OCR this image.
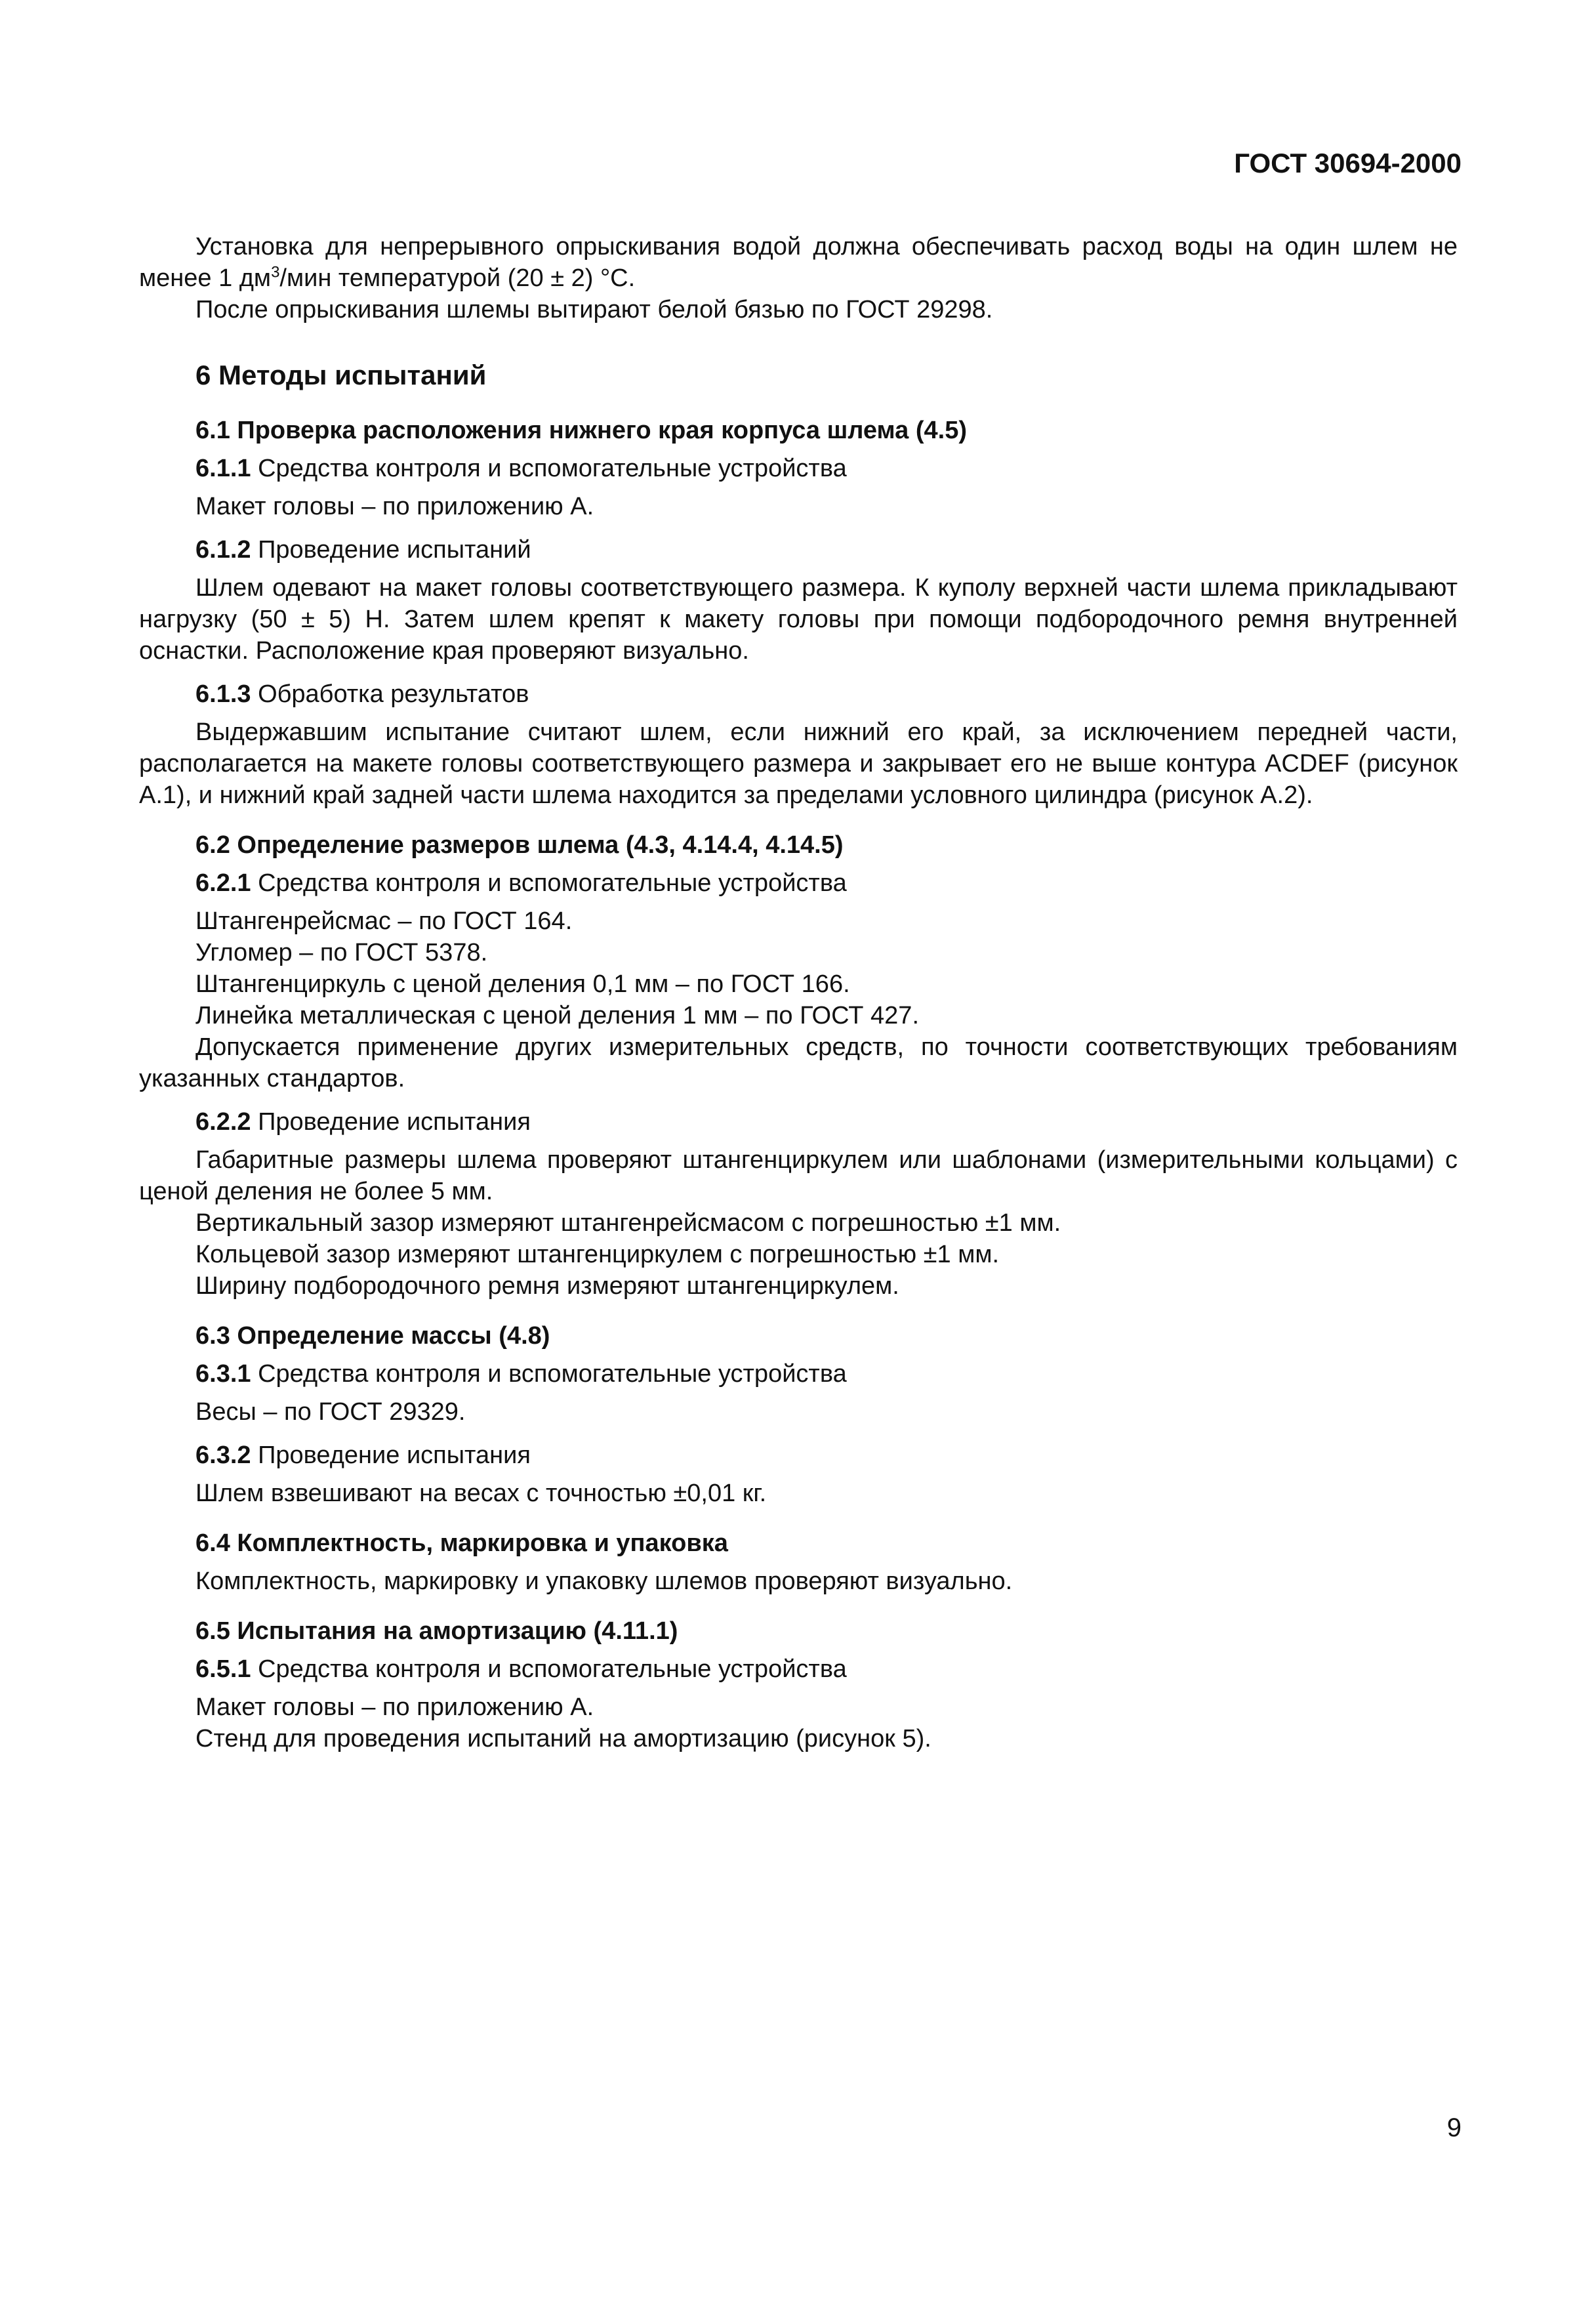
ГОСТ 30694-2000

Установка для непрерывного опрыскивания водой должна обеспечивать расход воды на один шлем не менее 1 $дм^3$/мин температурой (20 ± 2) °С.

После опрыскивания шлемы вытирают белой бязью по ГОСТ 29298.

6 Методы испытаний
6.1 Проверка расположения нижнего края корпуса шлема (4.5)

6.1.1 Средства контроля и вспомогательные устройства

Макет головы – по приложению А.

6.1.2 Проведение испытаний

Шлем одевают на макет головы соответствующего размера. К куполу верхней части шлема прикладывают нагрузку (50 ± 5) Н. Затем шлем крепят к макету головы при помощи подбородочного ремня внутренней оснастки. Расположение края проверяют визуально.

6.1.3 Обработка результатов

Выдержавшим испытание считают шлем, если нижний его край, за исключением передней части, располагается на макете головы соответствующего размера и закрывает его не выше контура ACDEF (рисунок А.1), и нижний край задней части шлема находится за пределами условного цилиндра (рисунок А.2).

6.2 Определение размеров шлема (4.3, 4.14.4, 4.14.5)

6.2.1 Средства контроля и вспомогательные устройства

Штангенрейсмас – по ГОСТ 164.

Угломер – по ГОСТ 5378.

Штангенциркуль с ценой деления 0,1 мм – по ГОСТ 166.

Линейка металлическая с ценой деления 1 мм – по ГОСТ 427.

Допускается применение других измерительных средств, по точности соответствующих требованиям указанных стандартов.

6.2.2 Проведение испытания

Габаритные размеры шлема проверяют штангенциркулем или шаблонами (измерительными кольцами) с ценой деления не более 5 мм.

Вертикальный зазор измеряют штангенрейсмасом с погрешностью ±1 мм.

Кольцевой зазор измеряют штангенциркулем с погрешностью ±1 мм.

Ширину подбородочного ремня измеряют штангенциркулем.

6.3 Определение массы (4.8)

6.3.1 Средства контроля и вспомогательные устройства

Весы – по ГОСТ 29329.

6.3.2 Проведение испытания

Шлем взвешивают на весах с точностью ±0,01 кг.

6.4 Комплектность, маркировка и упаковка

Комплектность, маркировку и упаковку шлемов проверяют визуально.

6.5 Испытания на амортизацию (4.11.1)

6.5.1 Средства контроля и вспомогательные устройства

Макет головы – по приложению А.

Стенд для проведения испытаний на амортизацию (рисунок 5).

9
